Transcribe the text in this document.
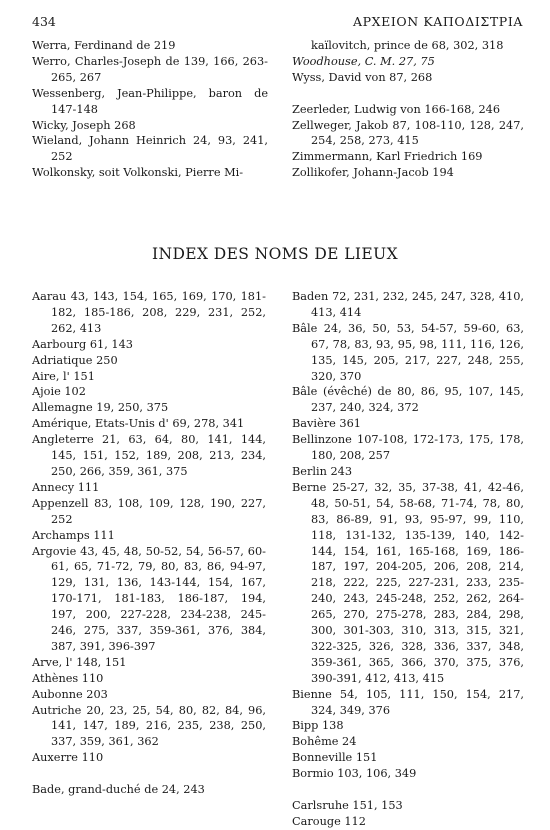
434	ΑΡΧΕΙΟΝ ΚΑΠΟΔΙΣΤΡΙΑ

Werra, Ferdinand de 219

Werro, Charles-Joseph de 139, 166, 263-265, 267

Wessenberg, Jean-Philippe, baron de 147-148

Wicky, Joseph 268

Wieland, Johann Heinrich 24, 93, 241, 252

Wolkonsky, soit Volkonski, Pierre Mi-

kaïlovitch, prince de 68, 302, 318

Woodhouse, C. M. 27, 75

Wyss, David von 87, 268

Zeerleder, Ludwig von 166-168, 246

Zellweger, Jakob 87, 108-110, 128, 247, 254, 258, 273, 415

Zimmermann, Karl Friedrich 169

Zollikofer, Johann-Jacob 194

INDEX DES NOMS DE LIEUX

Aarau 43, 143, 154, 165, 169, 170, 181-182, 185-186, 208, 229, 231, 252, 262, 413

Aarbourg 61, 143

Adriatique 250

Aire, l' 151

Ajoie 102

Allemagne 19, 250, 375

Amérique, Etats-Unis d' 69, 278, 341

Angleterre 21, 63, 64, 80, 141, 144, 145, 151, 152, 189, 208, 213, 234, 250, 266, 359, 361, 375

Annecy 111

Appenzell 83, 108, 109, 128, 190, 227, 252

Archamps 111

Argovie 43, 45, 48, 50-52, 54, 56-57, 60-61, 65, 71-72, 79, 80, 83, 86, 94-97, 129, 131, 136, 143-144, 154, 167, 170-171, 181-183, 186-187, 194, 197, 200, 227-228, 234-238, 245-246, 275, 337, 359-361, 376, 384, 387, 391, 396-397

Arve, l' 148, 151

Athènes 110

Aubonne 203

Autriche 20, 23, 25, 54, 80, 82, 84, 96, 141, 147, 189, 216, 235, 238, 250, 337, 359, 361, 362

Auxerre 110

Bade, grand-duché de 24, 243

Baden 72, 231, 232, 245, 247, 328, 410, 413, 414

Bâle 24, 36, 50, 53, 54-57, 59-60, 63, 67, 78, 83, 93, 95, 98, 111, 116, 126, 135, 145, 205, 217, 227, 248, 255, 320, 370

Bâle (évêché) de 80, 86, 95, 107, 145, 237, 240, 324, 372

Bavière 361

Bellinzone 107-108, 172-173, 175, 178, 180, 208, 257

Berlin 243

Berne 25-27, 32, 35, 37-38, 41, 42-46, 48, 50-51, 54, 58-68, 71-74, 78, 80, 83, 86-89, 91, 93, 95-97, 99, 110, 118, 131-132, 135-139, 140, 142-144, 154, 161, 165-168, 169, 186-187, 197, 204-205, 206, 208, 214, 218, 222, 225, 227-231, 233, 235-240, 243, 245-248, 252, 262, 264-265, 270, 275-278, 283, 284, 298, 300, 301-303, 310, 313, 315, 321, 322-325, 326, 328, 336, 337, 348, 359-361, 365, 366, 370, 375, 376, 390-391, 412, 413, 415

Bienne 54, 105, 111, 150, 154, 217, 324, 349, 376

Bipp 138

Bohême 24

Bonneville 151

Bormio 103, 106, 349

Carlsruhe 151, 153

Carouge 112
